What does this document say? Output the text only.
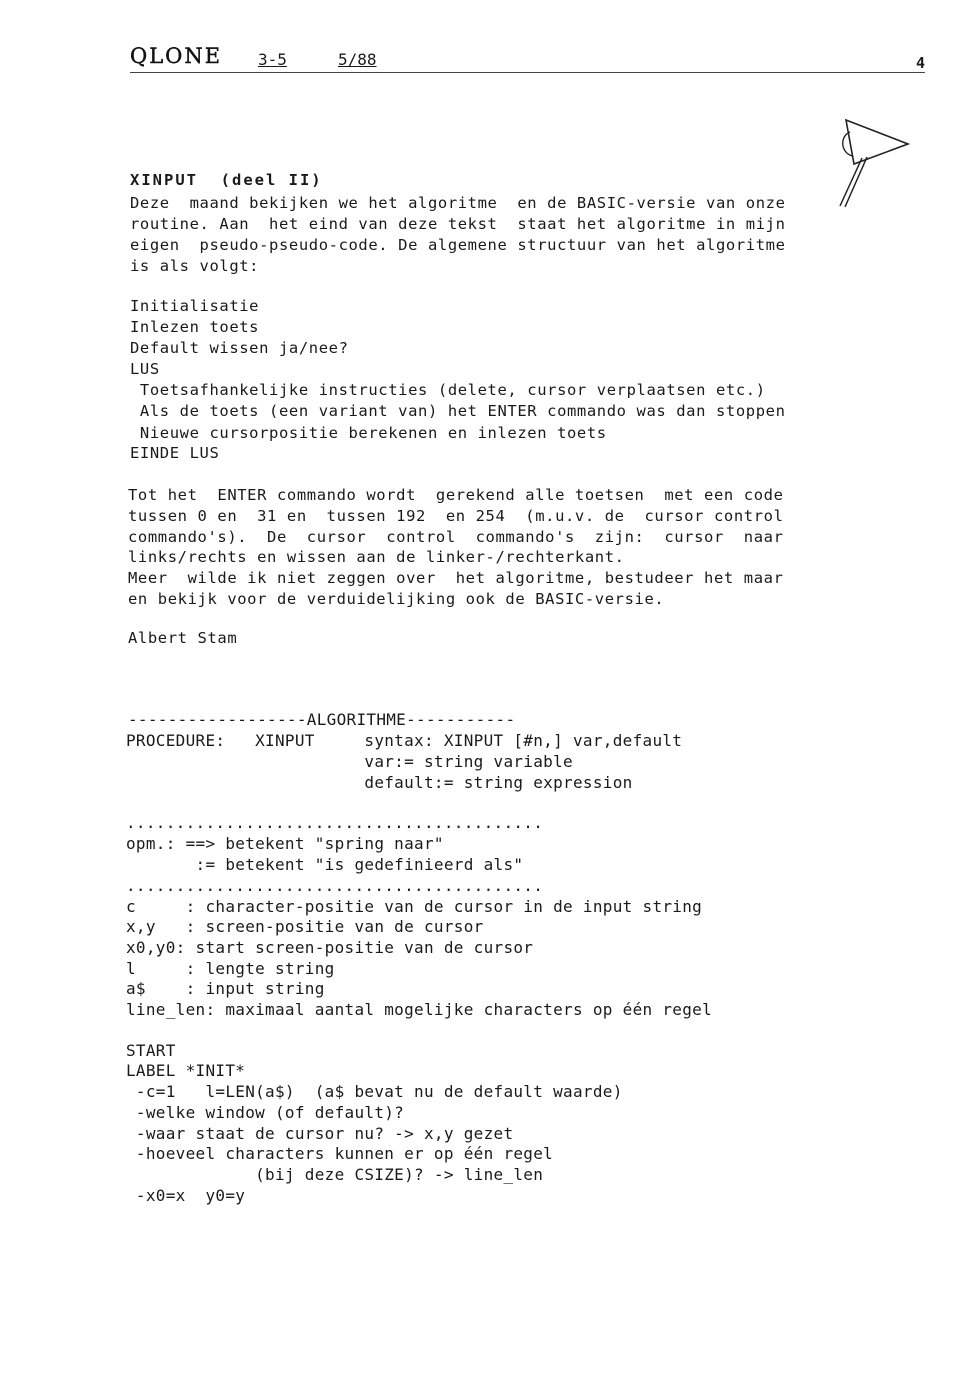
QLONE 3-5	5/88	4
XINPUT  (deel II)
Deze  maand bekijken we het algoritme  en de BASIC-versie van onze
routine. Aan  het eind van deze tekst  staat het algoritme in mijn
eigen  pseudo-pseudo-code. De algemene structuur van het algoritme
is als volgt:
Initialisatie
Inlezen toets
Default wissen ja/nee?
LUS
Toetsafhankelijke instructies (delete, cursor verplaatsen etc.)
Als de toets (een variant van) het ENTER commando was dan stoppen
Nieuwe cursorpositie berekenen en inlezen toets
EINDE LUS
Tot het  ENTER commando wordt  gerekend alle toetsen  met een code
tussen 0 en  31 en  tussen 192  en 254  (m.u.v. de  cursor control
commando's).  De  cursor  control  commando's  zijn:  cursor  naar
links/rechts en wissen aan de linker-/rechterkant.
Meer  wilde ik niet zeggen over  het algoritme, bestudeer het maar
en bekijk voor de verduidelijking ook de BASIC-versie.
Albert Stam
------------------ALGORITHME-----------
PROCEDURE:   XINPUT     syntax: XINPUT [#n,] var,default
var:= string variable
default:= string expression
..........................................
opm.: ==> betekent "spring naar"
:= betekent "is gedefinieerd als"
..........................................
c     : character-positie van de cursor in de input string
x,y   : screen-positie van de cursor
x0,y0: start screen-positie van de cursor
l     : lengte string
a$    : input string
line_len: maximaal aantal mogelijke characters op één regel
START
LABEL *INIT*
-c=1   l=LEN(a$)  (a$ bevat nu de default waarde)
-welke window (of default)?
-waar staat de cursor nu? -> x,y gezet
-hoeveel characters kunnen er op één regel
(bij deze CSIZE)? -> line_len
-x0=x  y0=y
